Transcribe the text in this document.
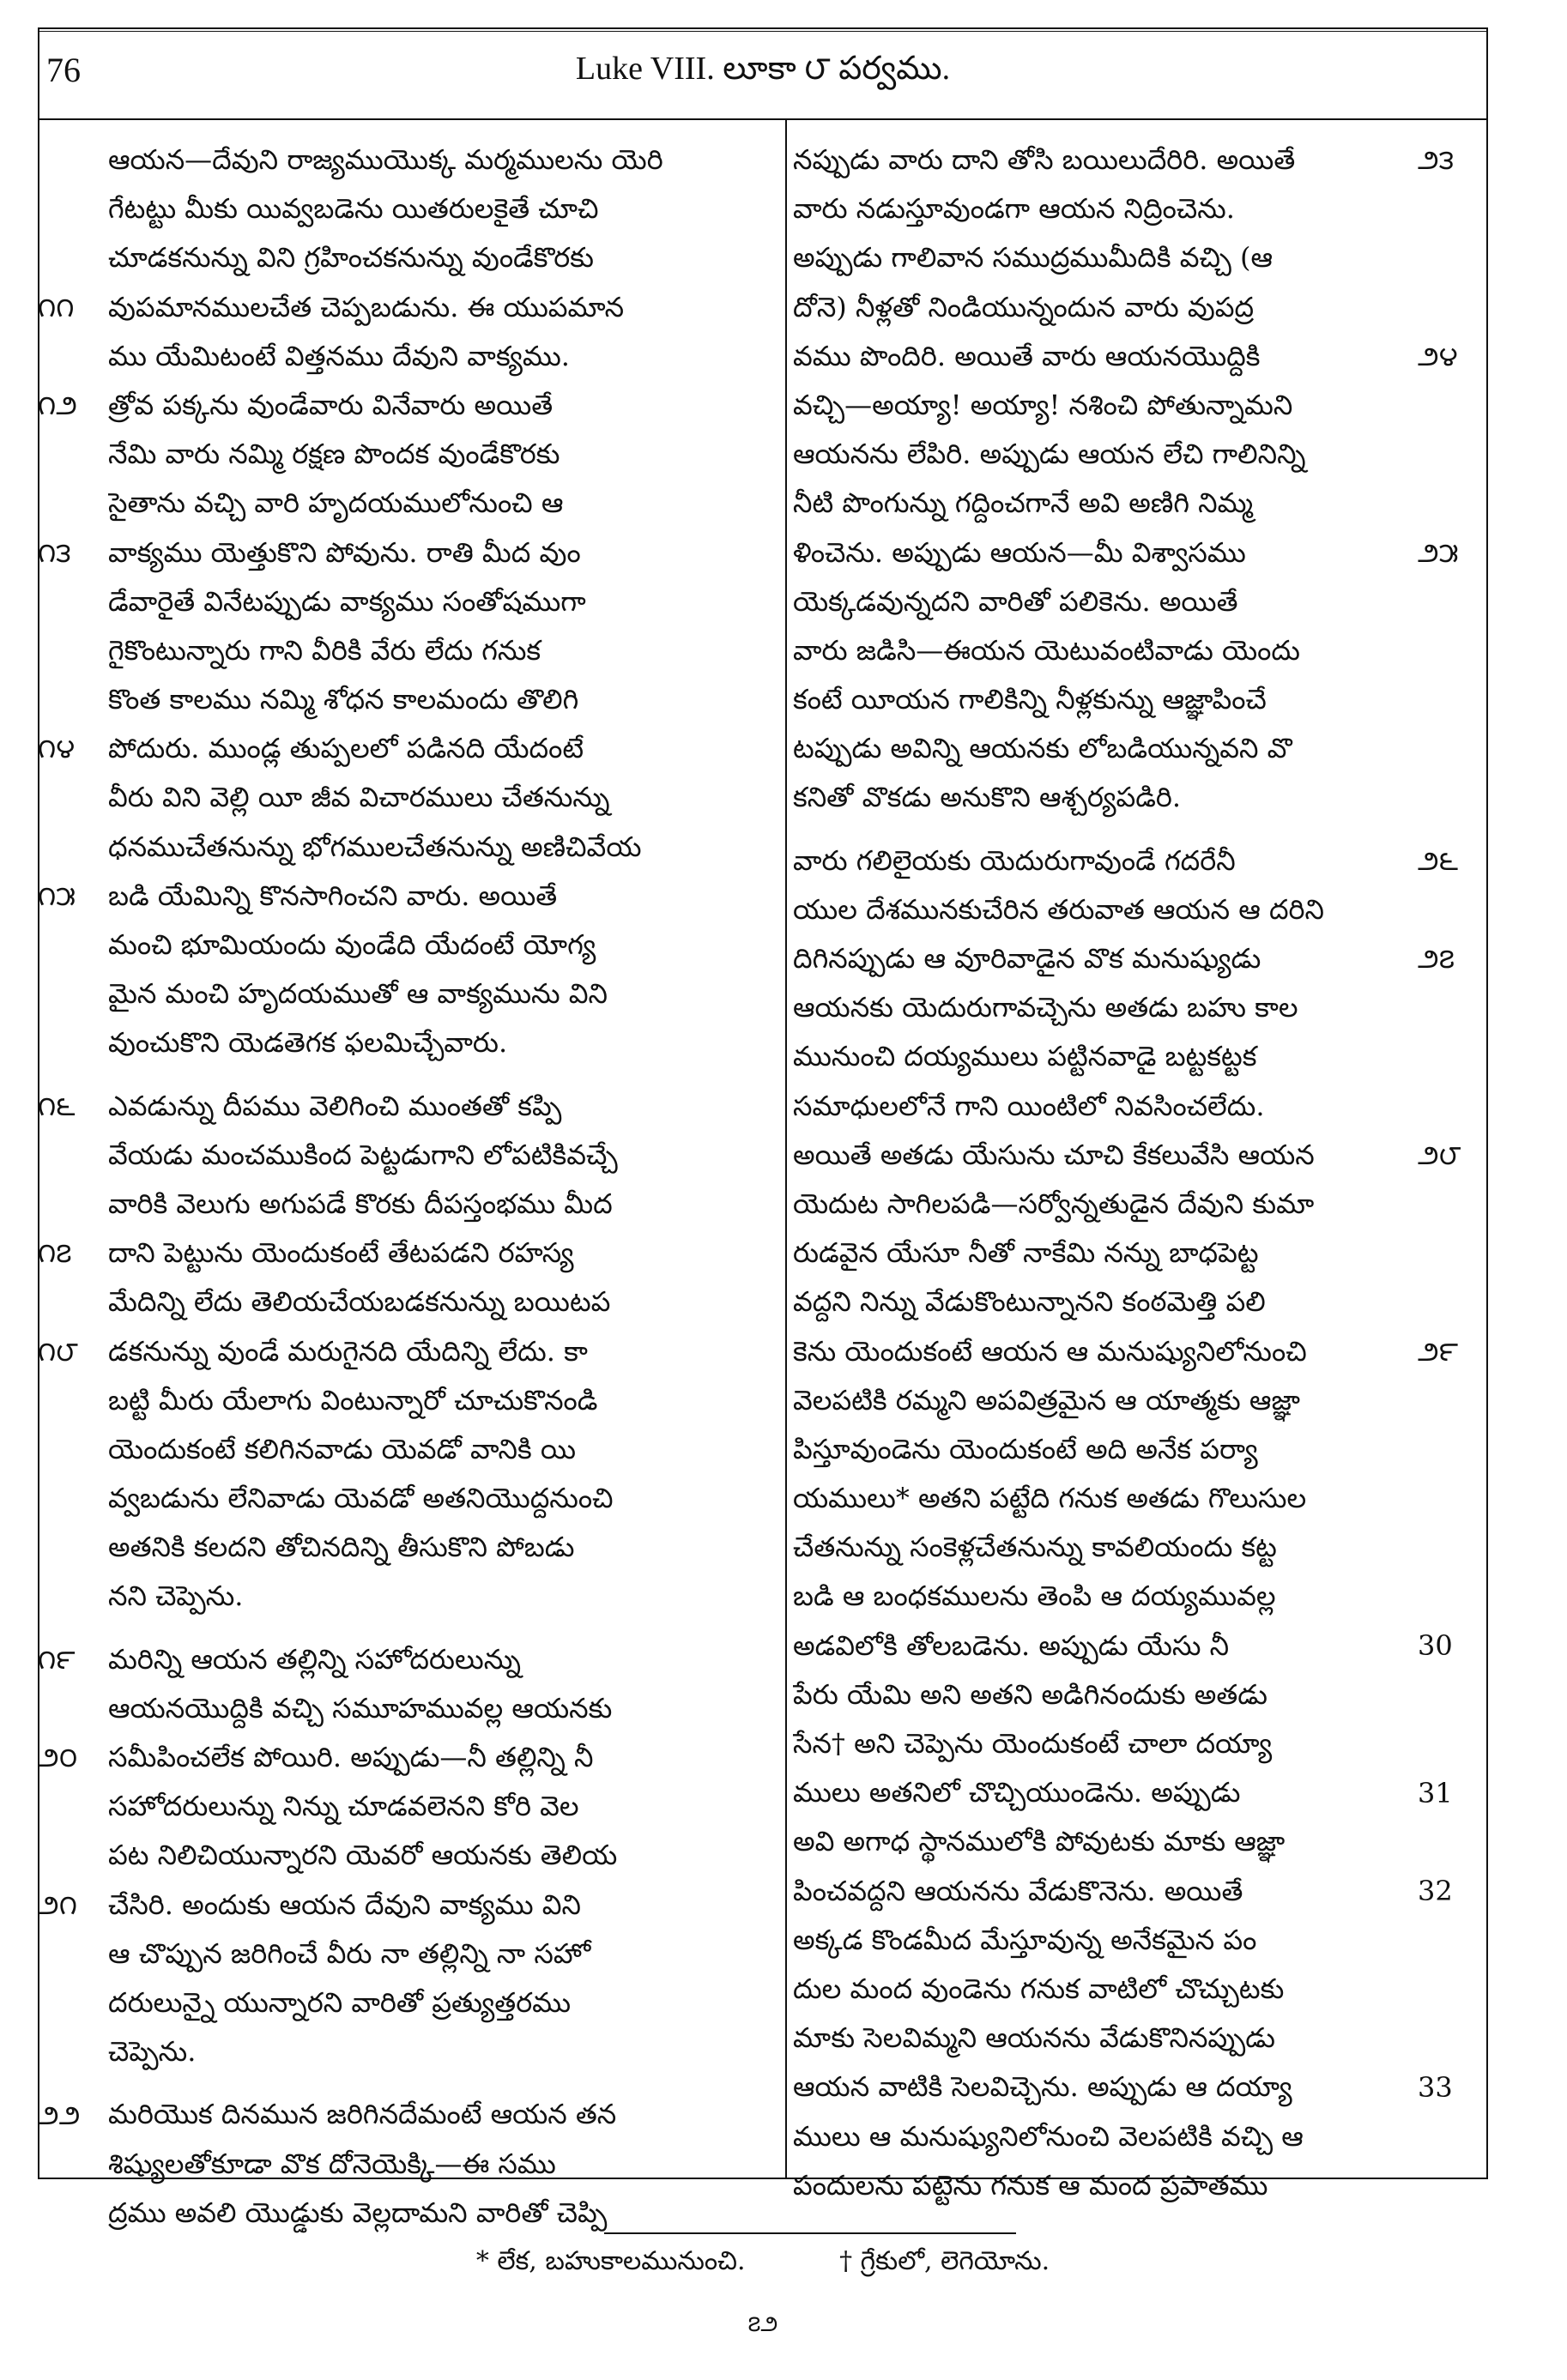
76	Luke VIII. లూకా ౮ పర్వము.
ఆయన—దేవుని రాజ్యముయొక్క మర్మములను యెరి
గేటట్టు మీకు యివ్వబడెను యితరులకైతే చూచి
చూడకనున్ను విని గ్రహించకనున్ను వుండేకొరకు
వుపమానములచేత చెప్పబడును. ఈ యుపమాన
ము యేమిటంటే విత్తనము దేవుని వాక్యము.
త్రోవ పక్కను వుండేవారు వినేవారు అయితే
నేమి వారు నమ్మి రక్షణ పొందక వుండేకొరకు
సైతాను వచ్చి వారి హృదయములోనుంచి ఆ
వాక్యము యెత్తుకొని పోవును. రాతి మీద వుం
డేవారైతే వినేటప్పుడు వాక్యము సంతోషముగా
గైకొంటున్నారు గాని వీరికి వేరు లేదు గనుక
కొంత కాలము నమ్మి శోధన కాలమందు తొలిగి
పోదురు. ముండ్ల తుప్పలలో పడినది యేదంటే
వీరు విని వెల్లి యీ జీవ విచారములు చేతనున్ను
ధనముచేతనున్ను భోగములచేతనున్ను అణిచివేయ
బడి యేమిన్ని కొనసాగించని వారు. అయితే
మంచి భూమియందు వుండేది యేదంటే యోగ్య
మైన మంచి హృదయముతో ఆ వాక్యమును విని
వుంచుకొని యెడతెగక ఫలమిచ్చేవారు.
ఎవడున్ను దీపము వెలిగించి ముంతతో కప్పి
వేయడు మంచముకింద పెట్టడుగాని లోపటికివచ్చే
వారికి వెలుగు అగుపడే కొరకు దీపస్తంభము మీద
దాని పెట్టును యెందుకంటే తేటపడని రహస్య
మేదిన్ని లేదు తెలియచేయబడకనున్ను బయిటప
డకనున్ను వుండే మరుగైనది యేదిన్ని లేదు. కా
బట్టి మీరు యేలాగు వింటున్నారో చూచుకొనండి
యెందుకంటే కలిగినవాడు యెవడో వానికి యి
వ్వబడును లేనివాడు యెవడో అతనియొద్దనుంచి
అతనికి కలదని తోచినదిన్ని తీసుకొని పోబడు
నని చెప్పెను.
మరిన్ని ఆయన తల్లిన్ని సహోదరులున్ను
ఆయనయొద్దికి వచ్చి సమూహమువల్ల ఆయనకు
సమీపించలేక పోయిరి. అప్పుడు—నీ తల్లిన్ని నీ
సహోదరులున్ను నిన్ను చూడవలెనని కోరి వెల
పట నిలిచియున్నారని యెవరో ఆయనకు తెలియ
చేసిరి. అందుకు ఆయన దేవుని వాక్యము విని
ఆ చొప్పున జరిగించే వీరు నా తల్లిన్ని నా సహో
దరులున్నై యున్నారని వారితో ప్రత్యుత్తరము
చెప్పెను.
మరియొక దినమున జరిగినదేమంటే ఆయన తన
శిష్యులతోకూడా వొక దోనెయెక్కి—ఈ సము
ద్రము అవలి యొడ్డుకు వెల్లదామని వారితో చెప్పి
నప్పుడు వారు దాని తోసి బయిలుదేరిరి. అయితే
వారు నడుస్తూవుండగా ఆయన నిద్రించెను.
అప్పుడు గాలివాన సముద్రముమీదికి వచ్చి (ఆ
దోనె) నీళ్లతో నిండియున్నందున వారు వుపద్ర
వము పొందిరి. అయితే వారు ఆయనయొద్దికి
వచ్చి—అయ్యా! అయ్యా! నశించి పోతున్నామని
ఆయనను లేపిరి. అప్పుడు ఆయన లేచి గాలినిన్ని
నీటి పొంగున్ను గద్దించగానే అవి అణిగి నిమ్మ
ళించెను. అప్పుడు ఆయన—మీ విశ్వాసము
యెక్కడవున్నదని వారితో పలికెను. అయితే
వారు జడిసి—ఈయన యెటువంటివాడు యెందు
కంటే యీయన గాలికిన్ని నీళ్లకున్ను ఆజ్ఞాపించే
టప్పుడు అవిన్ని ఆయనకు లోబడియున్నవని వొ
కనితో వొకడు అనుకొని ఆశ్చర్యపడిరి.
వారు గలిలైయకు యెదురుగావుండే గదరేనీ
యుల దేశమునకుచేరిన తరువాత ఆయన ఆ దరిని
దిగినప్పుడు ఆ వూరివాడైన వొక మనుష్యుడు
ఆయనకు యెదురుగావచ్చెను అతడు బహు కాల
మునుంచి దయ్యములు పట్టినవాడై బట్టకట్టక
సమాధులలోనే గాని యింటిలో నివసించలేదు.
అయితే అతడు యేసును చూచి కేకలువేసి ఆయన
యెదుట సాగిలపడి—సర్వోన్నతుడైన దేవుని కుమా
రుడవైన యేసూ నీతో నాకేమి నన్ను బాధపెట్ట
వద్దని నిన్ను వేడుకొంటున్నానని కంఠమెత్తి పలి
కెను యెందుకంటే ఆయన ఆ మనుష్యునిలోనుంచి
వెలపటికి రమ్మని అపవిత్రమైన ఆ యాత్మకు ఆజ్ఞా
పిస్తూవుండెను యెందుకంటే అది అనేక పర్యా
యములు* అతని పట్టేది గనుక అతడు గొలుసుల
చేతనున్ను సంకెళ్లచేతనున్ను కావలియందు కట్ట
బడి ఆ బంధకములను తెంపి ఆ దయ్యమువల్ల
అడవిలోకి తోలబడెను. అప్పుడు యేసు నీ
పేరు యేమి అని అతని అడిగినందుకు అతడు
సేన† అని చెప్పెను యెందుకంటే చాలా దయ్యా
ములు అతనిలో చొచ్చియుండెను. అప్పుడు
అవి అగాధ స్థానములోకి పోవుటకు మాకు ఆజ్ఞా
పించవద్దని ఆయనను వేడుకొనెను. అయితే
అక్కడ కొండమీద మేస్తూవున్న అనేకమైన పం
దుల మంద వుండెను గనుక వాటిలో చొచ్చుటకు
మాకు సెలవిమ్మని ఆయనను వేడుకొనినప్పుడు
ఆయన వాటికి సెలవిచ్చెను. అప్పుడు ఆ దయ్యా
ములు ఆ మనుష్యునిలోనుంచి వెలపటికి వచ్చి ఆ
పందులను పట్టెను గనుక ఆ మంద ప్రపాతము
* లేక, బహుకాలమునుంచి.	† గ్రేకులో, లెగెయోను.
౭౨
౧౧
౧౨
౧౩
౧౪
౧౫
౧౬
౧౭
౧౮
౧౯
౨౦
౨౧
౨౨
౨౩
౨౪
౨౫
౨౬
౨౭
౨౮
౨౯
30
31
32
33
